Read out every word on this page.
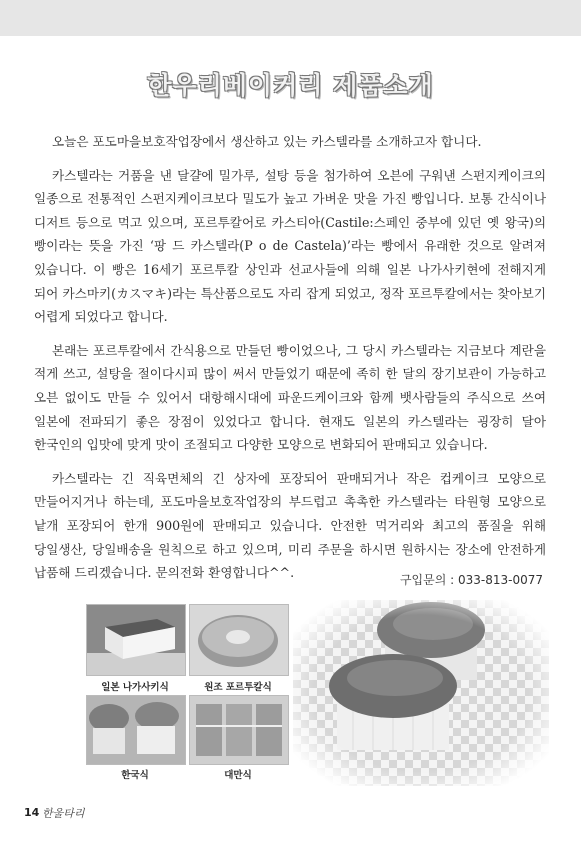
한우리베이커리 제품소개

오늘은 포도마을보호작업장에서 생산하고 있는 카스텔라를 소개하고자 합니다.

카스텔라는 거품을 낸 달걀에 밀가루, 설탕 등을 첨가하여 오븐에 구워낸 스펀지케이크의 일종으로 전통적인 스펀지케이크보다 밀도가 높고 가벼운 맛을 가진 빵입니다. 보통 간식이나 디저트 등으로 먹고 있으며, 포르투칼어로 카스티아(Castile:스페인 중부에 있던 옛 왕국)의 빵이라는 뜻을 가진 ‘팡 드 카스텔라(P o de Castela)’라는 빵에서 유래한 것으로 알려져 있습니다. 이 빵은 16세기 포르투칼 상인과 선교사들에 의해 일본 나가사키현에 전해지게 되어 카스마키(カスマキ)라는 특산품으로도 자리 잡게 되었고, 정작 포르투칼에서는 찾아보기 어렵게 되었다고 합니다.

본래는 포르투칼에서 간식용으로 만들던 빵이었으나, 그 당시 카스텔라는 지금보다 계란을 적게 쓰고, 설탕을 절이다시피 많이 써서 만들었기 때문에 족히 한 달의 장기보관이 가능하고 오븐 없이도 만들 수 있어서 대항해시대에 파운드케이크와 함께 뱃사람들의 주식으로 쓰여 일본에 전파되기 좋은 장점이 있었다고 합니다. 현재도 일본의 카스텔라는 굉장히 달아 한국인의 입맛에 맞게 맛이 조절되고 다양한 모양으로 변화되어 판매되고 있습니다.

카스텔라는 긴 직육면체의 긴 상자에 포장되어 판매되거나 작은 컵케이크 모양으로 만들어지거나 하는데, 포도마을보호작업장의 부드럽고 촉촉한 카스텔라는 타원형 모양으로 낱개 포장되어 한개 900원에 판매되고 있습니다. 안전한 먹거리와 최고의 품질을 위해 당일생산, 당일배송을 원칙으로 하고 있으며, 미리 주문을 하시면 원하시는 장소에 안전하게 납품해 드리겠습니다. 문의전화 환영합니다^^.	구입문의 : 033-813-0077
일본 나가사키식	원조 포르투칼식
한국식	대만식
14 한울타리
